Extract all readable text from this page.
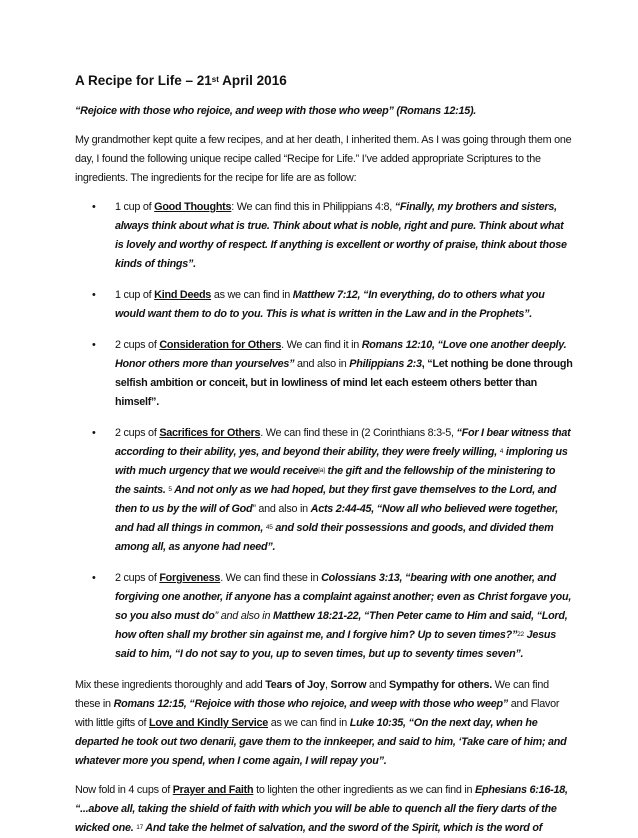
A Recipe for Life – 21st April 2016

“Rejoice with those who rejoice, and weep with those who weep” (Romans 12:15).

My grandmother kept quite a few recipes, and at her death, I inherited them. As I was going through them one day, I found the following unique recipe called “Recipe for Life.” I’ve added appropriate Scriptures to the ingredients. The ingredients for the recipe for life are as follow:

• 1 cup of Good Thoughts: We can find this in Philippians 4:8, “Finally, my brothers and sisters, always think about what is true. Think about what is noble, right and pure. Think about what is lovely and worthy of respect. If anything is excellent or worthy of praise, think about those kinds of things”.
• 1 cup of Kind Deeds as we can find in Matthew 7:12, “In everything, do to others what you would want them to do to you. This is what is written in the Law and in the Prophets”.
• 2 cups of Consideration for Others. We can find it in Romans 12:10, “Love one another deeply. Honor others more than yourselves” and also in Philippians 2:3, “Let nothing be done through selfish ambition or conceit, but in lowliness of mind let each esteem others better than himself”.
• 2 cups of Sacrifices for Others. We can find these in (2 Corinthians 8:3-5, “For I bear witness that according to their ability, yes, and beyond their ability, they were freely willing, $^4$ imploring us with much urgency that we would receive[a] the gift and the fellowship of the ministering to the saints. $^5$ And not only as we had hoped, but they first gave themselves to the Lord, and then to us by the will of God” and also in Acts 2:44-45, “Now all who believed were together, and had all things in common, $^{45}$ and sold their possessions and goods, and divided them among all, as anyone had need”.
• 2 cups of Forgiveness. We can find these in Colossians 3:13, “bearing with one another, and forgiving one another, if anyone has a complaint against another; even as Christ forgave you, so you also must do” and also in Matthew 18:21-22, “Then Peter came to Him and said, “Lord, how often shall my brother sin against me, and I forgive him? Up to seven times?”$^{22}$ Jesus said to him, “I do not say to you, up to seven times, but up to seventy times seven”.

Mix these ingredients thoroughly and add Tears of Joy, Sorrow and Sympathy for others. We can find these in Romans 12:15, “Rejoice with those who rejoice, and weep with those who weep” and Flavor with little gifts of Love and Kindly Service as we can find in Luke 10:35, “On the next day, when he departed he took out two denarii, gave them to the innkeeper, and said to him, ‘Take care of him; and whatever more you spend, when I come again, I will repay you”.

Now fold in 4 cups of Prayer and Faith to lighten the other ingredients as we can find in Ephesians 6:16-18, “...above all, taking the shield of faith with which you will be able to quench all the fiery darts of the wicked one. $^{17}$ And take the helmet of salvation, and the sword of the Spirit, which is the word of
